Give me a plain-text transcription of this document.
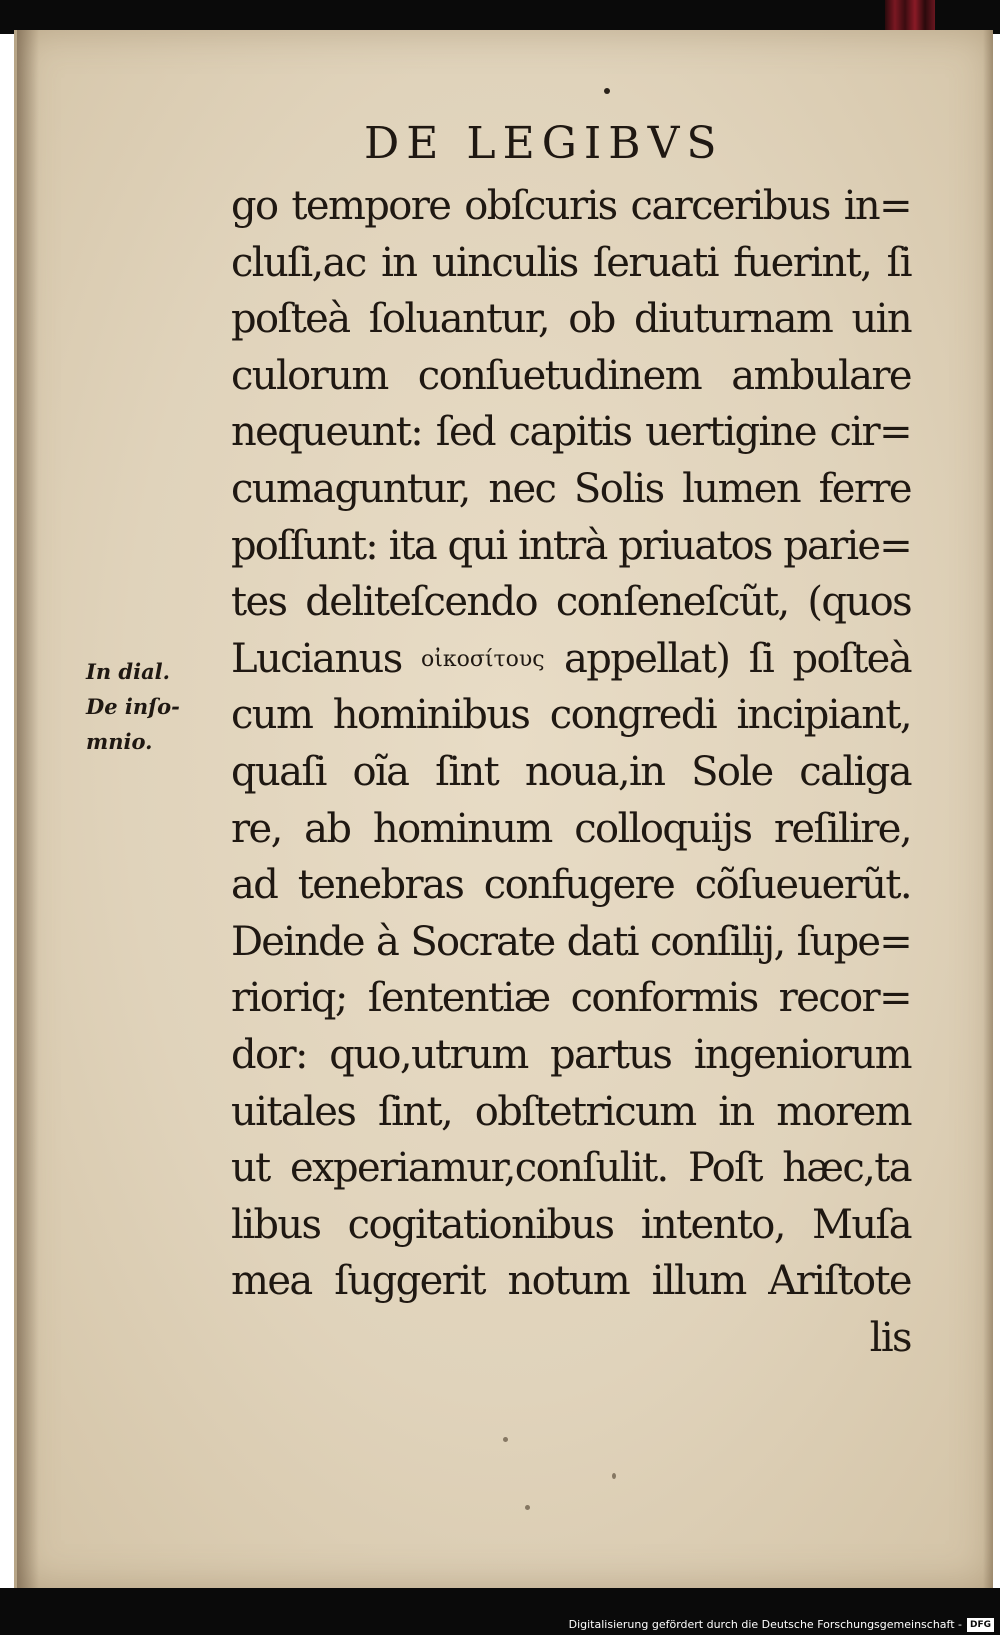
DE LEGIBVS
go tempore obſcuris carceribus in=
cluſi,ac in uinculis ſeruati fuerint, ſi
poſteà ſoluantur, ob diuturnam uin
culorum conſuetudinem ambulare
nequeunt: ſed capitis uertigine cir=
cumaguntur, nec Solis lumen ferre
poſſunt: ita qui intrà priuatos parie=
tes deliteſcendo conſeneſcũt, (quos
Lucianus οἰκοσίτους appellat) ſi poſteà
cum hominibus congredi incipiant,
quaſi oĩa ſint noua,in Sole caliga
re, ab hominum colloquijs reſilire,
ad tenebras confugere cõſueuerũt.
Deinde à Socrate dati conſilij, ſupe=
rioriq; ſententiæ conformis recor=
dor: quo,utrum partus ingeniorum
uitales ſint, obſtetricum in morem
ut experiamur,conſulit. Poſt hæc,ta
libus cogitationibus intento, Muſa
mea ſuggerit notum illum Ariſtote
lis
In dial.
De inſo-
mnio.
Digitalisierung gefördert durch die Deutsche Forschungsgemeinschaft - DFG
